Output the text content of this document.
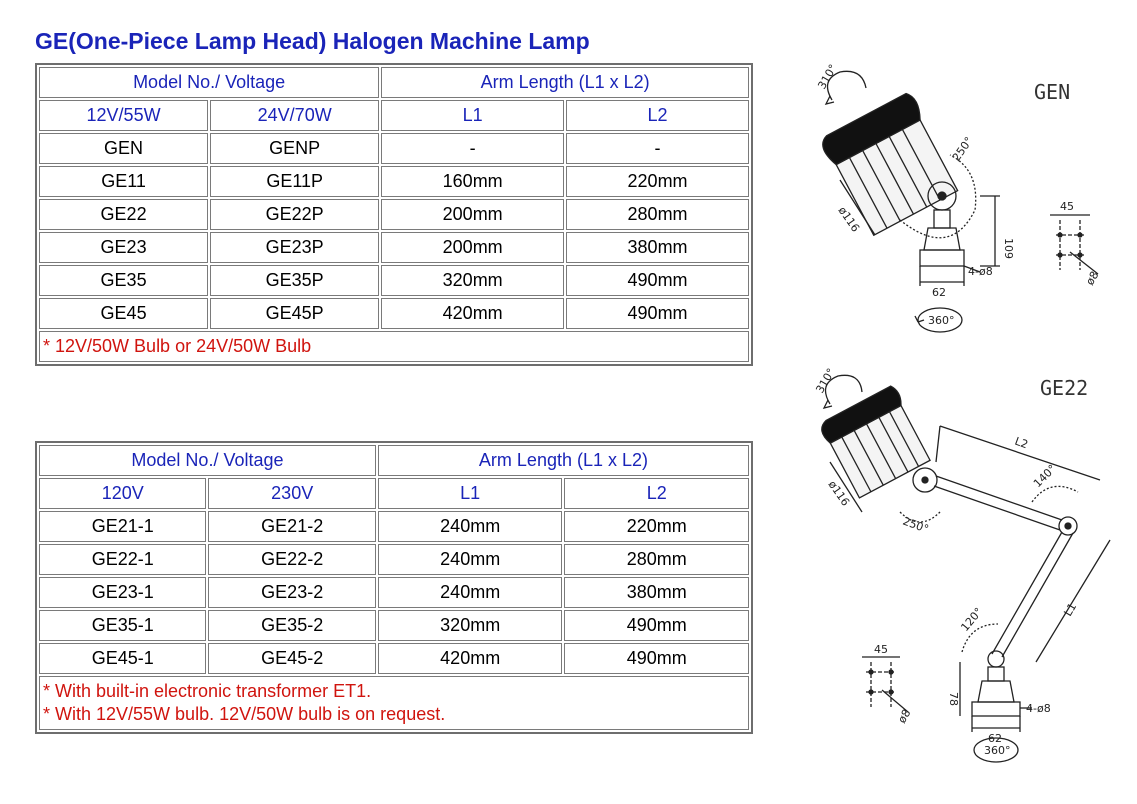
GE(One-Piece Lamp Head) Halogen Machine Lamp
Model No./ Voltage		Arm Length (L1 x L2)	
12V/55W	24V/70W	L1	L2
GEN	GENP	-	-
GE11	GE11P	160mm	220mm
GE22	GE22P	200mm	280mm
GE23	GE23P	200mm	380mm
GE35	GE35P	320mm	490mm
GE45	GE45P	420mm	490mm
* 12V/50W Bulb or 24V/50W Bulb			
Model No./ Voltage		Arm Length (L1 x L2)	
120V	230V	L1	L2
GE21-1	GE21-2	240mm	220mm
GE22-1	GE22-2	240mm	280mm
GE23-1	GE23-2	240mm	380mm
GE35-1	GE35-2	320mm	490mm
GE45-1	GE45-2	420mm	490mm

* With built-in electronic transformer ET1.
* With 12V/55W bulb. 12V/50W bulb is on request.			
GEN
310°
250°
ø116
109
45
62
4-ø8	ø8
360°
GE22
310°
L2
ø116
250°
140°
120°	L1
45
78
62
4-ø8
ø8
360°
